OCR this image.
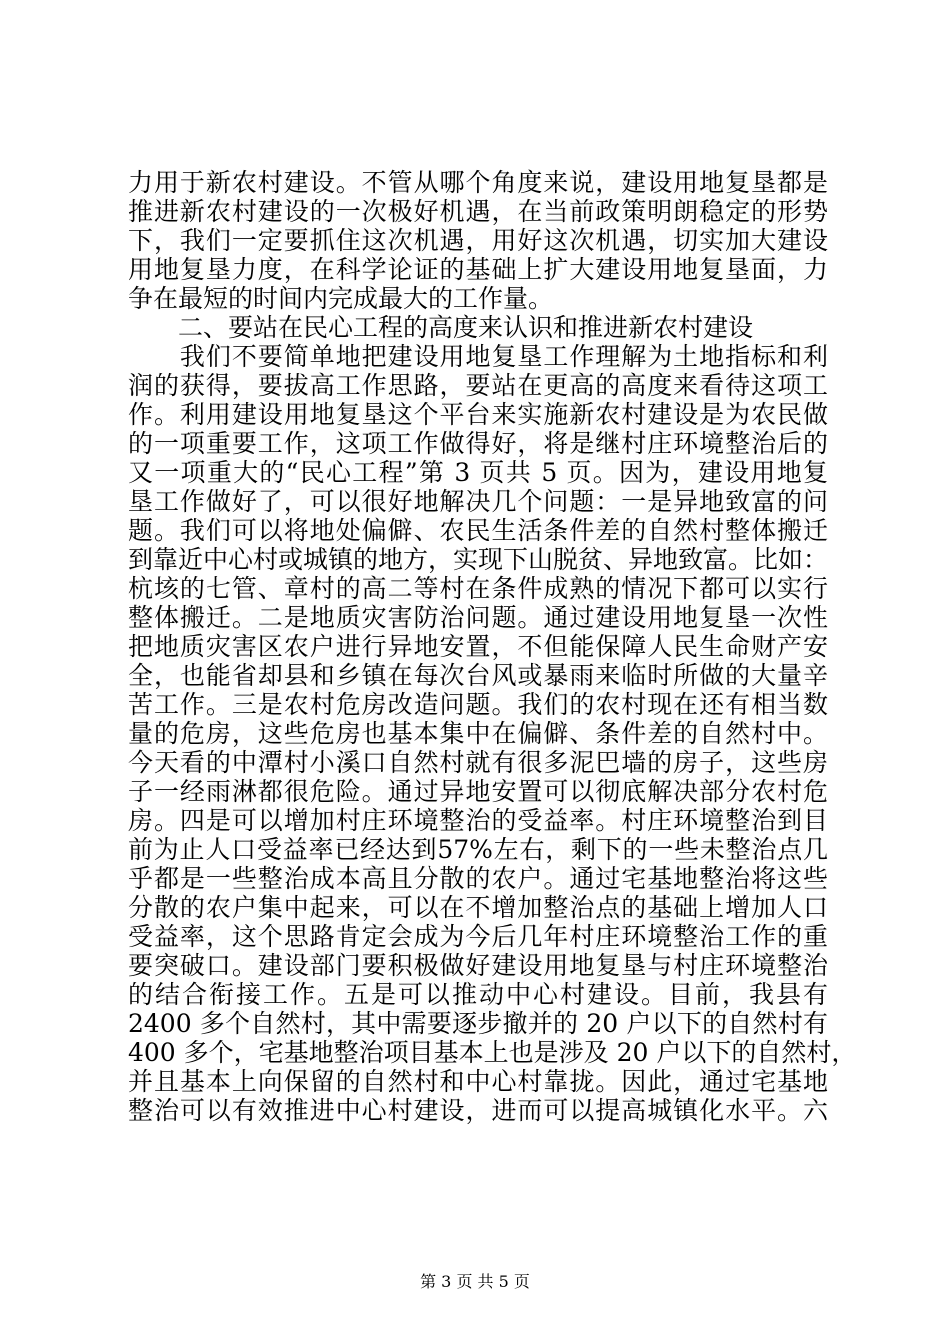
力用于新农村建设。不管从哪个角度来说，建设用地复垦都是
推进新农村建设的一次极好机遇，在当前政策明朗稳定的形势
下，我们一定要抓住这次机遇，用好这次机遇，切实加大建设
用地复垦力度，在科学论证的基础上扩大建设用地复垦面，力
争在最短的时间内完成最大的工作量。
　　二、要站在民心工程的高度来认识和推进新农村建设
　　我们不要简单地把建设用地复垦工作理解为土地指标和利
润的获得，要拔高工作思路，要站在更高的高度来看待这项工
作。利用建设用地复垦这个平台来实施新农村建设是为农民做
的一项重要工作，这项工作做得好，将是继村庄环境整治后的
又一项重大的“民心工程”第 3 页共 5 页。因为，建设用地复
垦工作做好了，可以很好地解决几个问题：一是异地致富的问
题。我们可以将地处偏僻、农民生活条件差的自然村整体搬迁
到靠近中心村或城镇的地方，实现下山脱贫、异地致富。比如：
杭垓的七管、章村的高二等村在条件成熟的情况下都可以实行
整体搬迁。二是地质灾害防治问题。通过建设用地复垦一次性
把地质灾害区农户进行异地安置，不但能保障人民生命财产安
全，也能省却县和乡镇在每次台风或暴雨来临时所做的大量辛
苦工作。三是农村危房改造问题。我们的农村现在还有相当数
量的危房，这些危房也基本集中在偏僻、条件差的自然村中。
今天看的中潭村小溪口自然村就有很多泥巴墙的房子，这些房
子一经雨淋都很危险。通过异地安置可以彻底解决部分农村危
房。四是可以增加村庄环境整治的受益率。村庄环境整治到目
前为止人口受益率已经达到57%左右，剩下的一些未整治点几
乎都是一些整治成本高且分散的农户。通过宅基地整治将这些
分散的农户集中起来，可以在不增加整治点的基础上增加人口
受益率，这个思路肯定会成为今后几年村庄环境整治工作的重
要突破口。建设部门要积极做好建设用地复垦与村庄环境整治
的结合衔接工作。五是可以推动中心村建设。目前，我县有
2400 多个自然村，其中需要逐步撤并的 20 户以下的自然村有
400 多个，宅基地整治项目基本上也是涉及 20 户以下的自然村，
并且基本上向保留的自然村和中心村靠拢。因此，通过宅基地
整治可以有效推进中心村建设，进而可以提高城镇化水平。六
第 3 页 共 5 页
